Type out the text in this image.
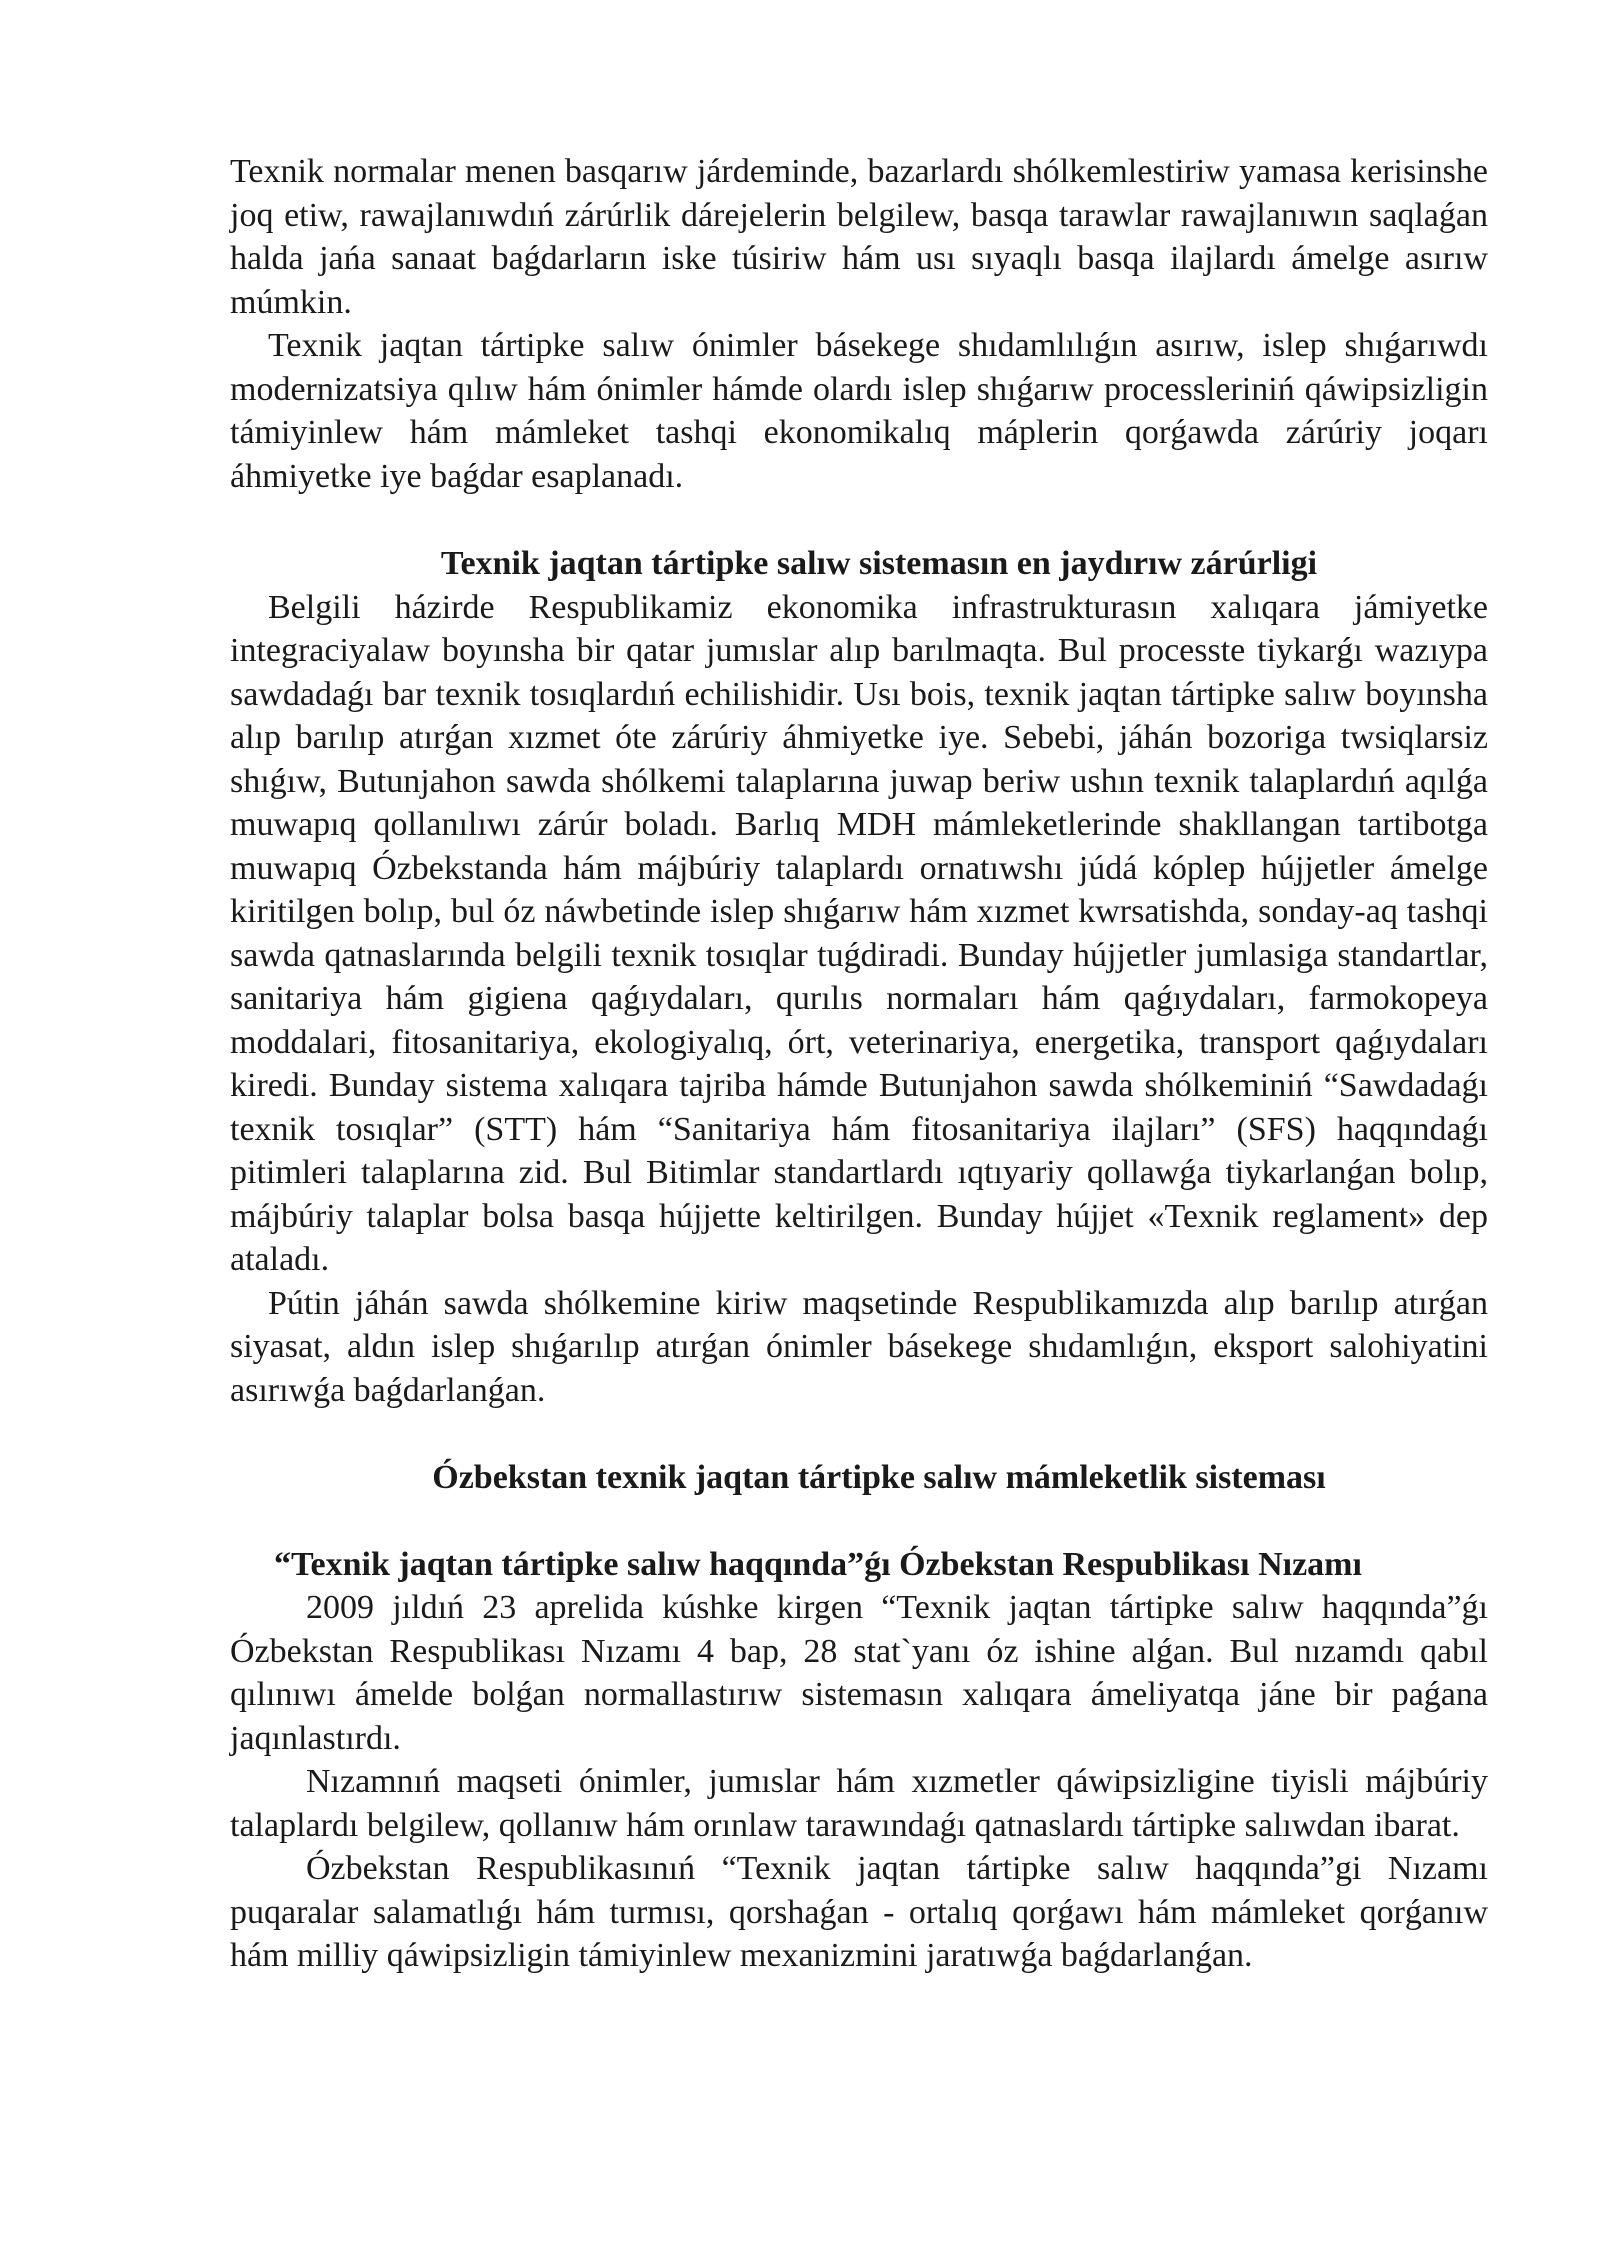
Texnik normalar menen basqarıw járdeminde, bazarlardı shólkemlestiriw yamasa kerisinshe joq etiw, rawajlanıwdıń zárúrlik dárejelerin belgilew, basqa tarawlar rawajlanıwın saqlaǵan halda jańa sanaat baǵdarların iske túsiriw hám usı sıyaqlı basqa ilajlardı ámelge asırıw múmkin.

Texnik jaqtan tártipke salıw ónimler básekege shıdamlılıǵın asırıw, islep shıǵarıwdı modernizatsiya qılıw hám ónimler hámde olardı islep shıǵarıw processleriniń qáwipsizligin támiyinlew hám mámleket tashqi ekonomikalıq máplerin qorǵawda zárúriy joqarı áhmiyetke iye baǵdar esaplanadı.

Texnik jaqtan tártipke salıw sistemasın en jaydırıw zárúrligi

Belgili házirde Respublikamiz ekonomika infrastrukturasın xalıqara jámiyetke integraciyalaw boyınsha bir qatar jumıslar alıp barılmaqta. Bul processte tiykarǵı wazıypa sawdadaǵı bar texnik tosıqlardıń echilishidir. Usı bois, texnik jaqtan tártipke salıw boyınsha alıp barılıp atırǵan xızmet óte zárúriy áhmiyetke iye. Sebebi, jáhán bozoriga twsiqlarsiz shıǵıw, Butunjahon sawda shólkemi talaplarına juwap beriw ushın texnik talaplardıń aqılǵa muwapıq qollanılıwı zárúr boladı. Barlıq MDH mámleketlerinde shakllangan tartibotga muwapıq Ózbekstanda hám májbúriy talaplardı ornatıwshı júdá kóplep hújjetler ámelge kiritilgen bolıp, bul óz náwbetinde islep shıǵarıw hám xızmet kwrsatishda, sonday-aq tashqi sawda qatnaslarında belgili texnik tosıqlar tuǵdiradi. Bunday hújjetler jumlasiga standartlar, sanitariya hám gigiena qaǵıydaları, qurılıs normaları hám qaǵıydaları, farmokopeya moddalari, fitosanitariya, ekologiyalıq, órt, veterinariya, energetika, transport qaǵıydaları kiredi. Bunday sistema xalıqara tajriba hámde Butunjahon sawda shólkeminiń “Sawdadaǵı texnik tosıqlar” (STT) hám “Sanitariya hám fitosanitariya ilajları” (SFS) haqqındaǵı pitimleri talaplarına zid. Bul Bitimlar standartlardı ıqtıyariy qollawǵa tiykarlanǵan bolıp, májbúriy talaplar bolsa basqa hújjette keltirilgen. Bunday hújjet «Texnik reglament» dep ataladı.

Pútin jáhán sawda shólkemine kiriw maqsetinde Respublikamızda alıp barılıp atırǵan siyasat, aldın islep shıǵarılıp atırǵan ónimler básekege shıdamlıǵın, eksport salohiyatini asırıwǵa baǵdarlanǵan.

Ózbekstan texnik jaqtan tártipke salıw mámleketlik sisteması

“Texnik jaqtan tártipke salıw haqqında”ǵı Ózbekstan Respublikası Nızamı

2009 jıldıń 23 aprelida kúshke kirgen “Texnik jaqtan tártipke salıw haqqında”ǵı Ózbekstan Respublikası Nızamı 4 bap, 28 stat`yanı óz ishine alǵan. Bul nızamdı qabıl qılınıwı ámelde bolǵan normallastırıw sistemasın xalıqara ámeliyatqa jáne bir paǵana jaqınlastırdı.

Nızamnıń maqseti ónimler, jumıslar hám xızmetler qáwipsizligine tiyisli májbúriy talaplardı belgilew, qollanıw hám orınlaw tarawındaǵı qatnaslardı tártipke salıwdan ibarat.

Ózbekstan Respublikasınıń “Texnik jaqtan tártipke salıw haqqında”gi Nızamı puqaralar salamatlıǵı hám turmısı, qorshaǵan - ortalıq qorǵawı hám mámleket qorǵanıw hám milliy qáwipsizligin támiyinlew mexanizmini jaratıwǵa baǵdarlanǵan.
